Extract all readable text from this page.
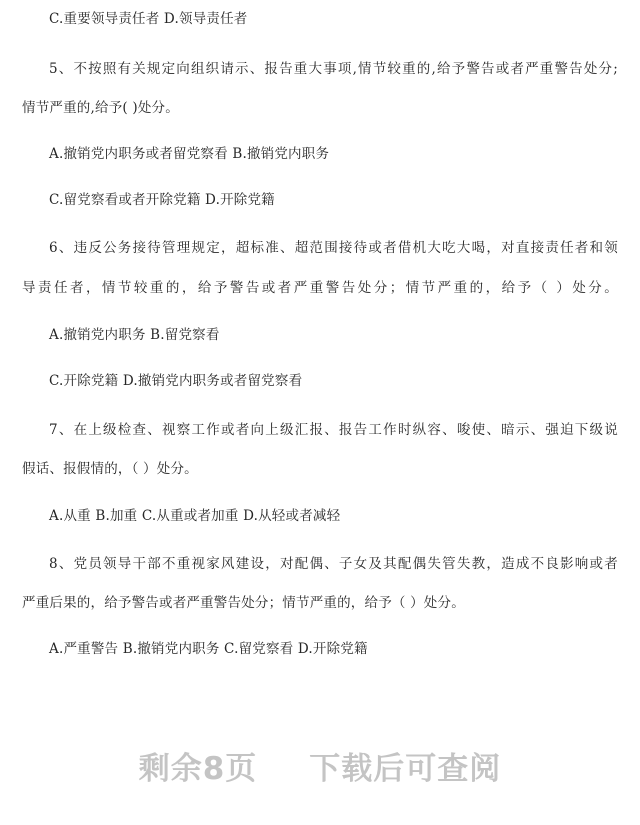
C.重要领导责任者 D.领导责任者
5、不按照有关规定向组织请示、报告重大事项,情节较重的,给予警告或者严重警告处分;
情节严重的,给予( )处分。
A.撤销党内职务或者留党察看 B.撤销党内职务
C.留党察看或者开除党籍 D.开除党籍
6、违反公务接待管理规定，超标准、超范围接待或者借机大吃大喝，对直接责任者和领
导责任者，情节较重的，给予警告或者严重警告处分；情节严重的，给予（ ）处分。
A.撤销党内职务 B.留党察看
C.开除党籍 D.撤销党内职务或者留党察看
7、在上级检查、视察工作或者向上级汇报、报告工作时纵容、唆使、暗示、强迫下级说
假话、报假情的，（ ）处分。
A.从重 B.加重 C.从重或者加重 D.从轻或者减轻
8、党员领导干部不重视家风建设，对配偶、子女及其配偶失管失教，造成不良影响或者
严重后果的，给予警告或者严重警告处分；情节严重的，给予（ ）处分。
A.严重警告 B.撤销党内职务 C.留党察看 D.开除党籍
剩余8页 下载后可查阅
